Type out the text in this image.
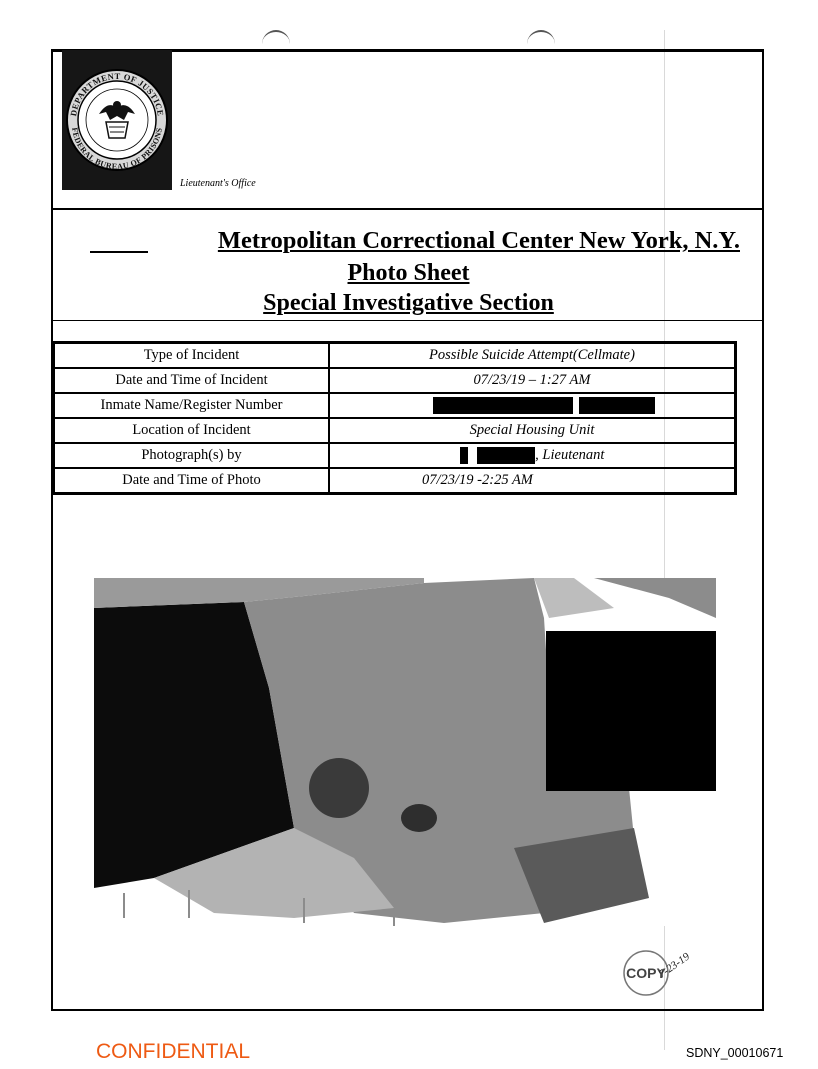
DEPARTMENT OF JUSTICE
FEDERAL BUREAU OF PRISONS
Lieutenant's Office
Metropolitan Correctional Center New York, N.Y.
Photo Sheet
Special Investigative Section
Type of Incident	Possible Suicide Attempt(Cellmate)
Date and Time of Incident	07/23/19 – 1:27 AM
Inmate Name/Register Number	
Location of Incident	Special Housing Unit
Photograph(s) by	, Lieutenant
Date and Time of Photo	07/23/19 -2:25 AM
COPY
7-23-19
CONFIDENTIAL	SDNY_00010671
